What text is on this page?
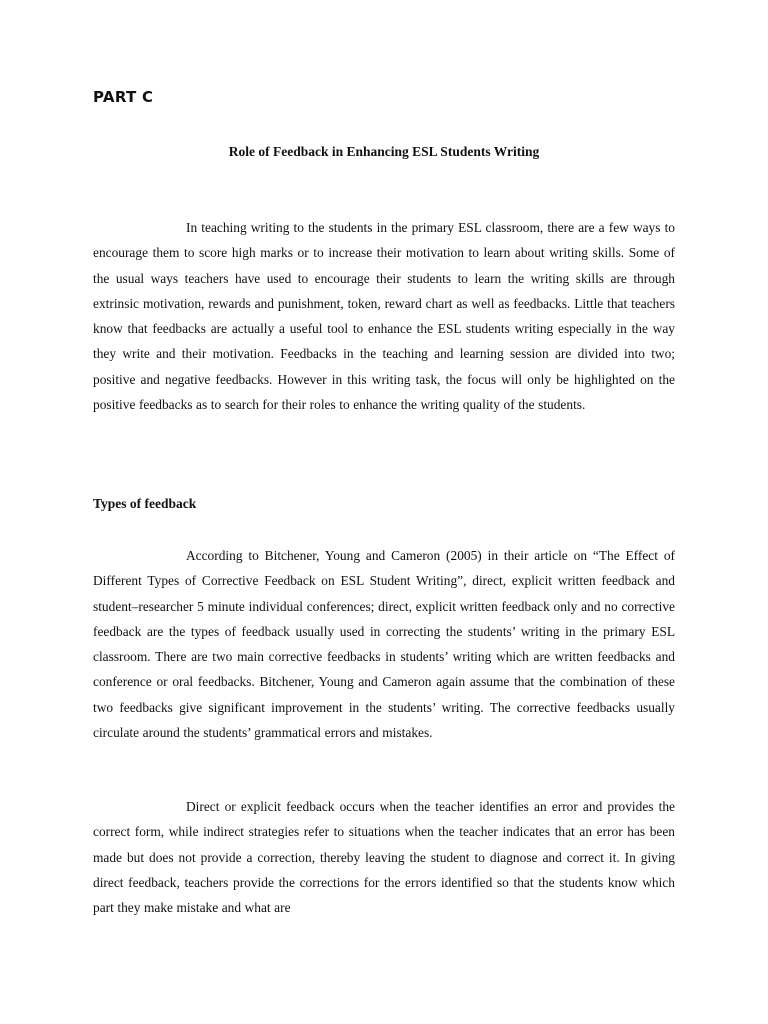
PART C
Role of Feedback in Enhancing ESL Students Writing

In teaching writing to the students in the primary ESL classroom, there are a few ways to encourage them to score high marks or to increase their motivation to learn about writing skills. Some of the usual ways teachers have used to encourage their students to learn the writing skills are through extrinsic motivation, rewards and punishment, token, reward chart as well as feedbacks. Little that teachers know that feedbacks are actually a useful tool to enhance the ESL students writing especially in the way they write and their motivation. Feedbacks in the teaching and learning session are divided into two; positive and negative feedbacks. However in this writing task, the focus will only be highlighted on the positive feedbacks as to search for their roles to enhance the writing quality of the students.

Types of feedback

According to Bitchener, Young and Cameron (2005) in their article on “The Effect of Different Types of Corrective Feedback on ESL Student Writing”, direct, explicit written feedback and student–researcher 5 minute individual conferences; direct, explicit written feedback only and no corrective feedback are the types of feedback usually used in correcting the students’ writing in the primary ESL classroom. There are two main corrective feedbacks in students’ writing which are written feedbacks and conference or oral feedbacks. Bitchener, Young and Cameron again assume that the combination of these two feedbacks give significant improvement in the students’ writing. The corrective feedbacks usually circulate around the students’ grammatical errors and mistakes.

Direct or explicit feedback occurs when the teacher identifies an error and provides the correct form, while indirect strategies refer to situations when the teacher indicates that an error has been made but does not provide a correction, thereby leaving the student to diagnose and correct it. In giving direct feedback, teachers provide the corrections for the errors identified so that the students know which part they make mistake and what are
